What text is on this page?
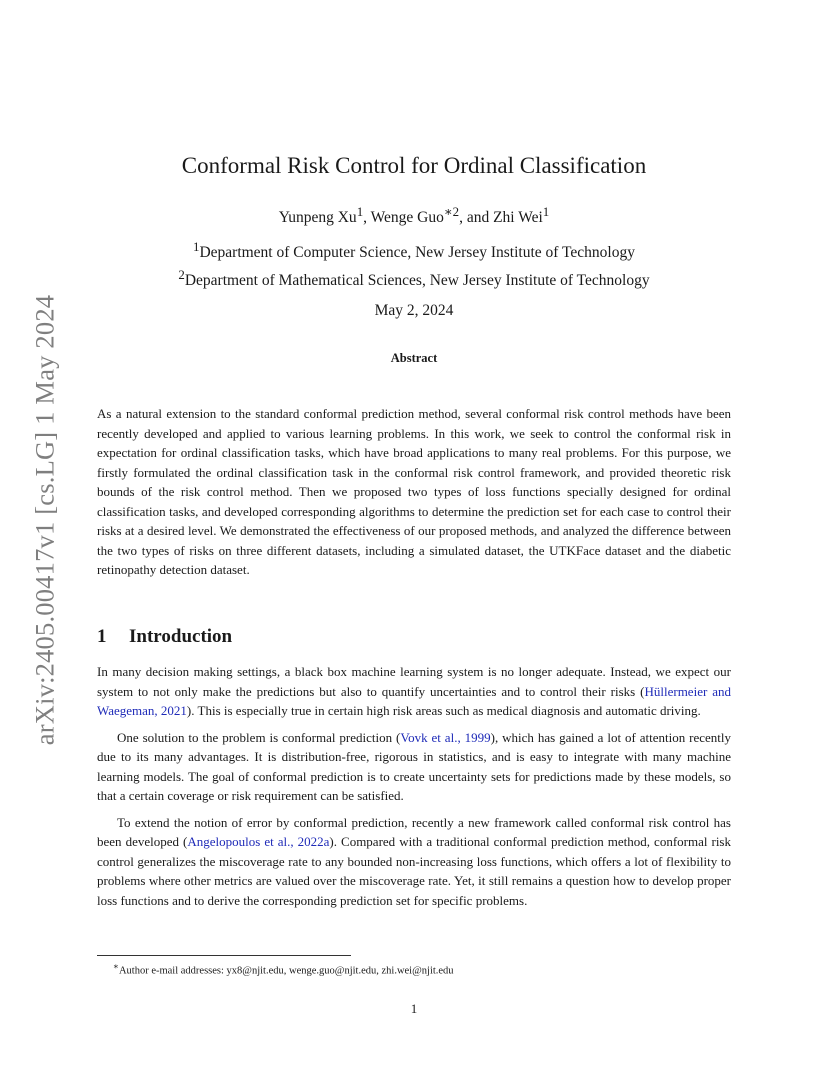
arXiv:2405.00417v1 [cs.LG] 1 May 2024
Conformal Risk Control for Ordinal Classification
Yunpeng Xu$^1$, Wenge Guo$^{∗2}$, and Zhi Wei$^1$
$^1$Department of Computer Science, New Jersey Institute of Technology
$^2$Department of Mathematical Sciences, New Jersey Institute of Technology
May 2, 2024
Abstract

As a natural extension to the standard conformal prediction method, several conformal risk control methods have been recently developed and applied to various learning problems. In this work, we seek to control the conformal risk in expectation for ordinal classification tasks, which have broad applications to many real problems. For this purpose, we firstly formulated the ordinal classification task in the conformal risk control framework, and provided theoretic risk bounds of the risk control method. Then we proposed two types of loss functions specially designed for ordinal classification tasks, and developed corresponding algorithms to determine the prediction set for each case to control their risks at a desired level. We demonstrated the effectiveness of our proposed methods, and analyzed the difference between the two types of risks on three different datasets, including a simulated dataset, the UTKFace dataset and the diabetic retinopathy detection dataset.

1 Introduction

In many decision making settings, a black box machine learning system is no longer adequate. Instead, we expect our system to not only make the predictions but also to quantify uncertainties and to control their risks (Hüllermeier and Waegeman, 2021). This is especially true in certain high risk areas such as medical diagnosis and automatic driving.

One solution to the problem is conformal prediction (Vovk et al., 1999), which has gained a lot of attention recently due to its many advantages. It is distribution-free, rigorous in statistics, and is easy to integrate with many machine learning models. The goal of conformal prediction is to create uncertainty sets for predictions made by these models, so that a certain coverage or risk requirement can be satisfied.

To extend the notion of error by conformal prediction, recently a new framework called conformal risk control has been developed (Angelopoulos et al., 2022a). Compared with a traditional conformal prediction method, conformal risk control generalizes the miscoverage rate to any bounded non-increasing loss functions, which offers a lot of flexibility to problems where other metrics are valued over the miscoverage rate. Yet, it still remains a question how to develop proper loss functions and to derive the corresponding prediction set for specific problems.

∗Author e-mail addresses: yx8@njit.edu, wenge.guo@njit.edu, zhi.wei@njit.edu
1
